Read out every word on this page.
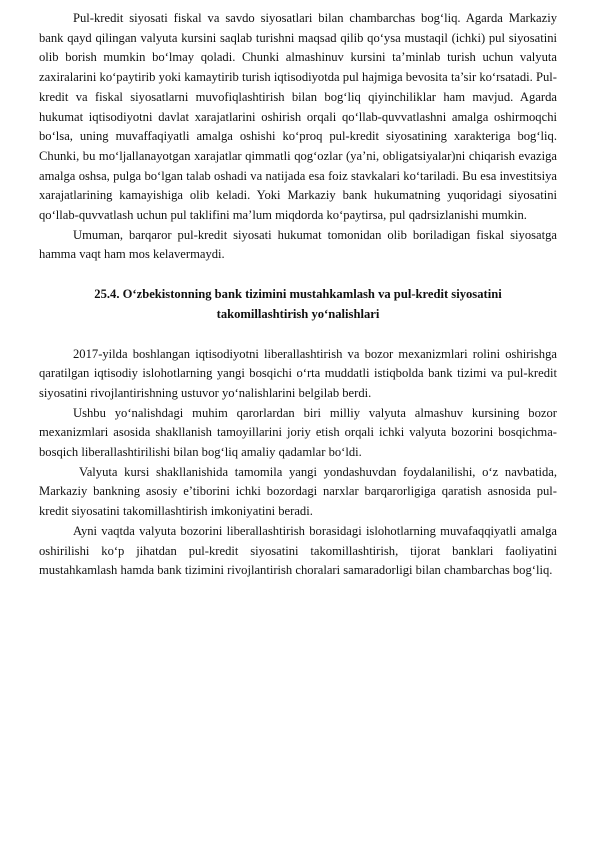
Pul-kredit siyosati fiskal va savdo siyosatlari bilan chambarchas bog‘liq. Agarda Markaziy bank qayd qilingan valyuta kursini saqlab turishni maqsad qilib qo‘ysa mustaqil (ichki) pul siyosatini olib borish mumkin bo‘lmay qoladi. Chunki almashinuv kursini ta’minlab turish uchun valyuta zaxiralarini ko‘paytirib yoki kamaytirib turish iqtisodiyotda pul hajmiga bevosita ta’sir ko‘rsatadi. Pul-kredit va fiskal siyosatlarni muvofiqlashtirish bilan bog‘liq qiyinchiliklar ham mavjud. Agarda hukumat iqtisodiyotni davlat xarajatlarini oshirish orqali qo‘llab-quvvatlashni amalga oshirmoqchi bo‘lsa, uning muvaffaqiyatli amalga oshishi ko‘proq pul-kredit siyosatining xarakteriga bog‘liq. Chunki, bu mo‘ljallanayotgan xarajatlar qimmatli qog‘ozlar (ya’ni, obligatsiyalar)ni chiqarish evaziga amalga oshsa, pulga bo‘lgan talab oshadi va natijada esa foiz stavkalari ko‘tariladi. Bu esa investitsiya xarajatlarining kamayishiga olib keladi. Yoki Markaziy bank hukumatning yuqoridagi siyosatini qo‘llab-quvvatlash uchun pul taklifini ma’lum miqdorda ko‘paytirsa, pul qadrsizlanishi mumkin.

Umuman, barqaror pul-kredit siyosati hukumat tomonidan olib boriladigan fiskal siyosatga hamma vaqt ham mos kelavermaydi.

25.4. O‘zbekistonning bank tizimini mustahkamlash va pul-kredit siyosatini takomillashtirish yo‘nalishlari

2017-yilda boshlangan iqtisodiyotni liberallashtirish va bozor mexanizmlari rolini oshirishga qaratilgan iqtisodiy islohotlarning yangi bosqichi o‘rta muddatli istiqbolda bank tizimi va pul-kredit siyosatini rivojlantirishning ustuvor yo‘nalishlarini belgilab berdi.

Ushbu yo‘nalishdagi muhim qarorlardan biri milliy valyuta almashuv kursining bozor mexanizmlari asosida shakllanish tamoyillarini joriy etish orqali ichki valyuta bozorini bosqichma-bosqich liberallashtirilishi bilan bog‘liq amaliy qadamlar bo‘ldi.

Valyuta kursi shakllanishida tamomila yangi yondashuvdan foydalanilishi, o‘z navbatida, Markaziy bankning asosiy e’tiborini ichki bozordagi narxlar barqarorligiga qaratish asnosida pul-kredit siyosatini takomillashtirish imkoniyatini beradi.

Ayni vaqtda valyuta bozorini liberallashtirish borasidagi islohotlarning muvafaqqiyatli amalga oshirilishi ko‘p jihatdan pul-kredit siyosatini takomillashtirish, tijorat banklari faoliyatini mustahkamlash hamda bank tizimini rivojlantirish choralari samaradorligi bilan chambarchas bog‘liq.
